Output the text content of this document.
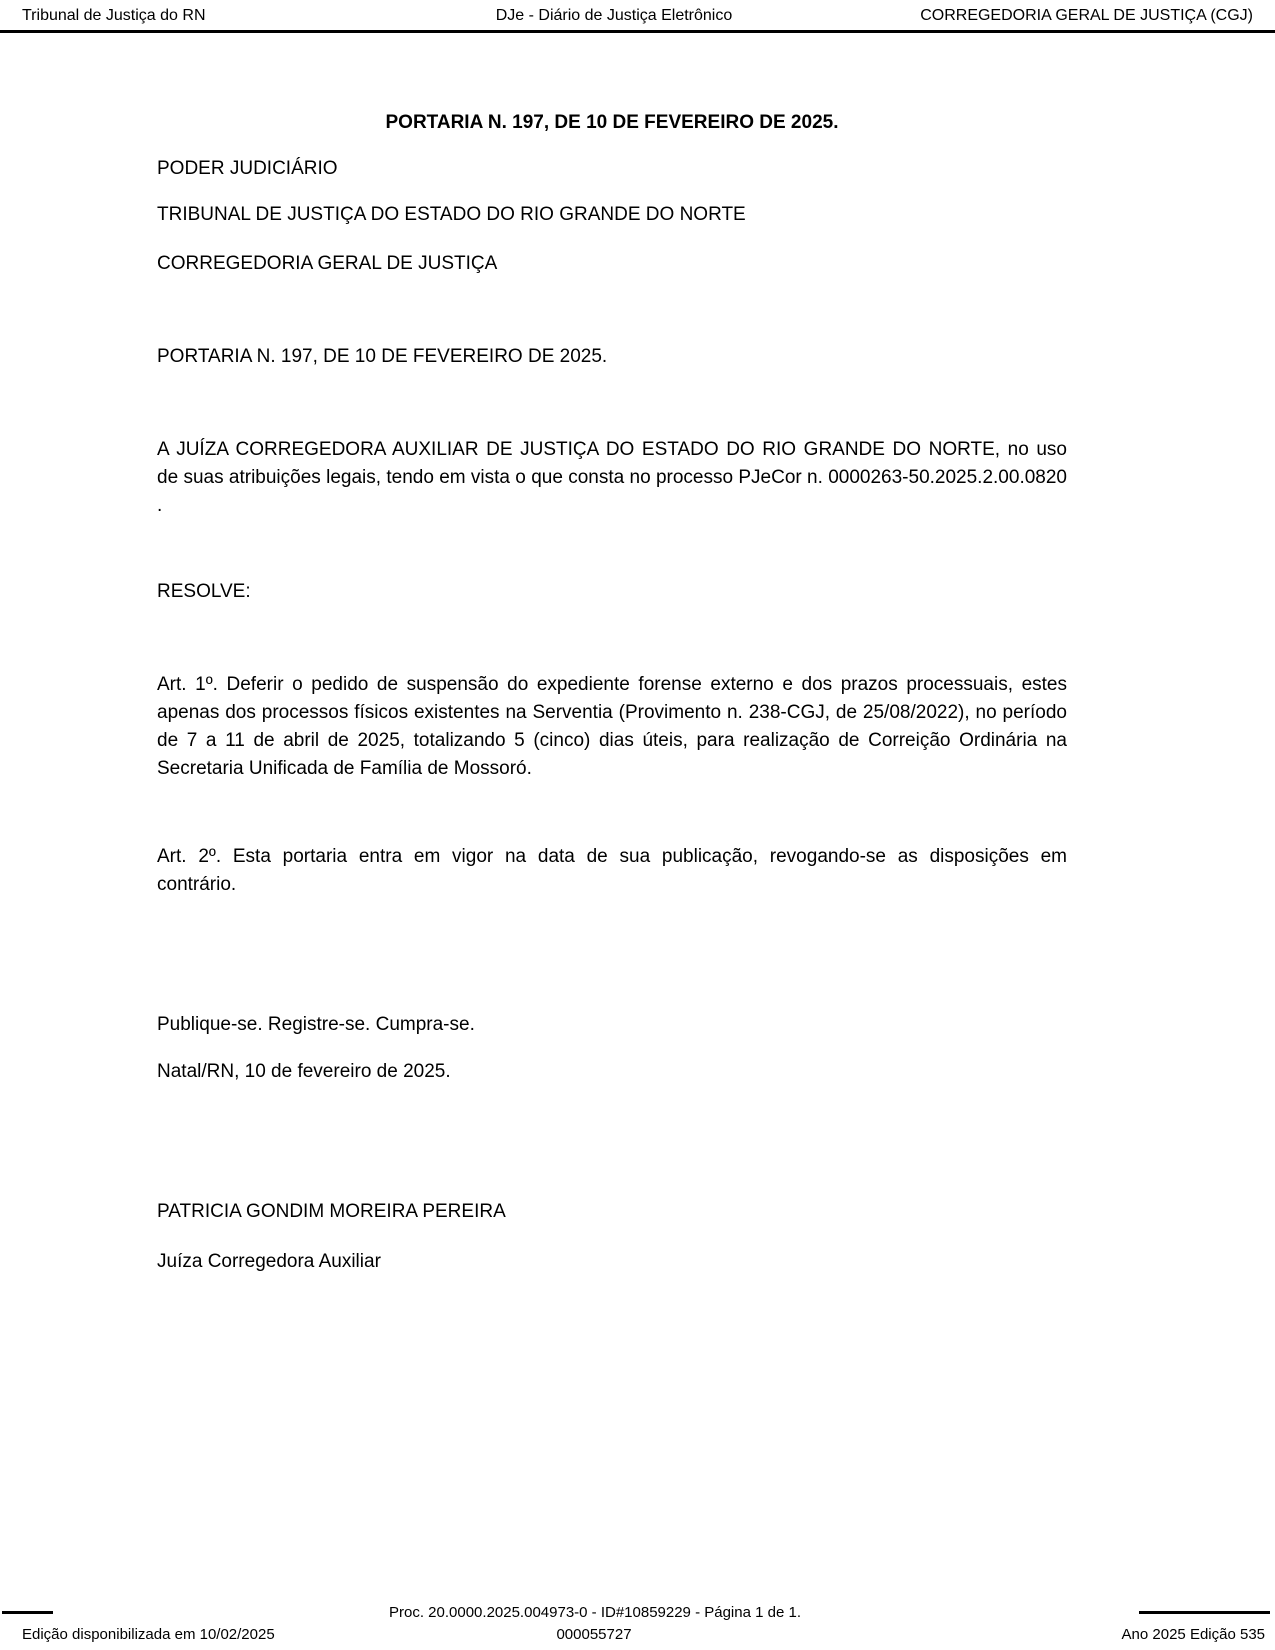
Tribunal de Justiça do RN	DJe - Diário de Justiça Eletrônico	CORREGEDORIA GERAL DE JUSTIÇA (CGJ)
PORTARIA N. 197, DE 10 DE FEVEREIRO DE 2025.
PODER JUDICIÁRIO
TRIBUNAL DE JUSTIÇA DO ESTADO DO RIO GRANDE DO NORTE
CORREGEDORIA GERAL DE JUSTIÇA
PORTARIA N. 197, DE 10 DE FEVEREIRO DE 2025.
A JUÍZA CORREGEDORA AUXILIAR DE JUSTIÇA DO ESTADO DO RIO GRANDE DO NORTE, no uso
de suas atribuições legais, tendo em vista o que consta no processo PJeCor n. 0000263-50.2025.2.00.0820
.
RESOLVE:
Art. 1º. Deferir o pedido de suspensão do expediente forense externo e dos prazos processuais, estes
apenas dos processos físicos existentes na Serventia (Provimento n. 238-CGJ, de 25/08/2022), no período
de 7 a 11 de abril de 2025, totalizando 5 (cinco) dias úteis, para realização de Correição Ordinária na
Secretaria Unificada de Família de Mossoró.
Art. 2º. Esta portaria entra em vigor na data de sua publicação, revogando-se as disposições em
contrário.
Publique-se. Registre-se. Cumpra-se.
Natal/RN, 10 de fevereiro de 2025.
PATRICIA GONDIM MOREIRA PEREIRA
Juíza Corregedora Auxiliar
Proc. 20.0000.2025.004973-0 - ID#10859229 - Página 1 de 1.
Edição disponibilizada em 10/02/2025	000055727	Ano 2025 Edição 535
